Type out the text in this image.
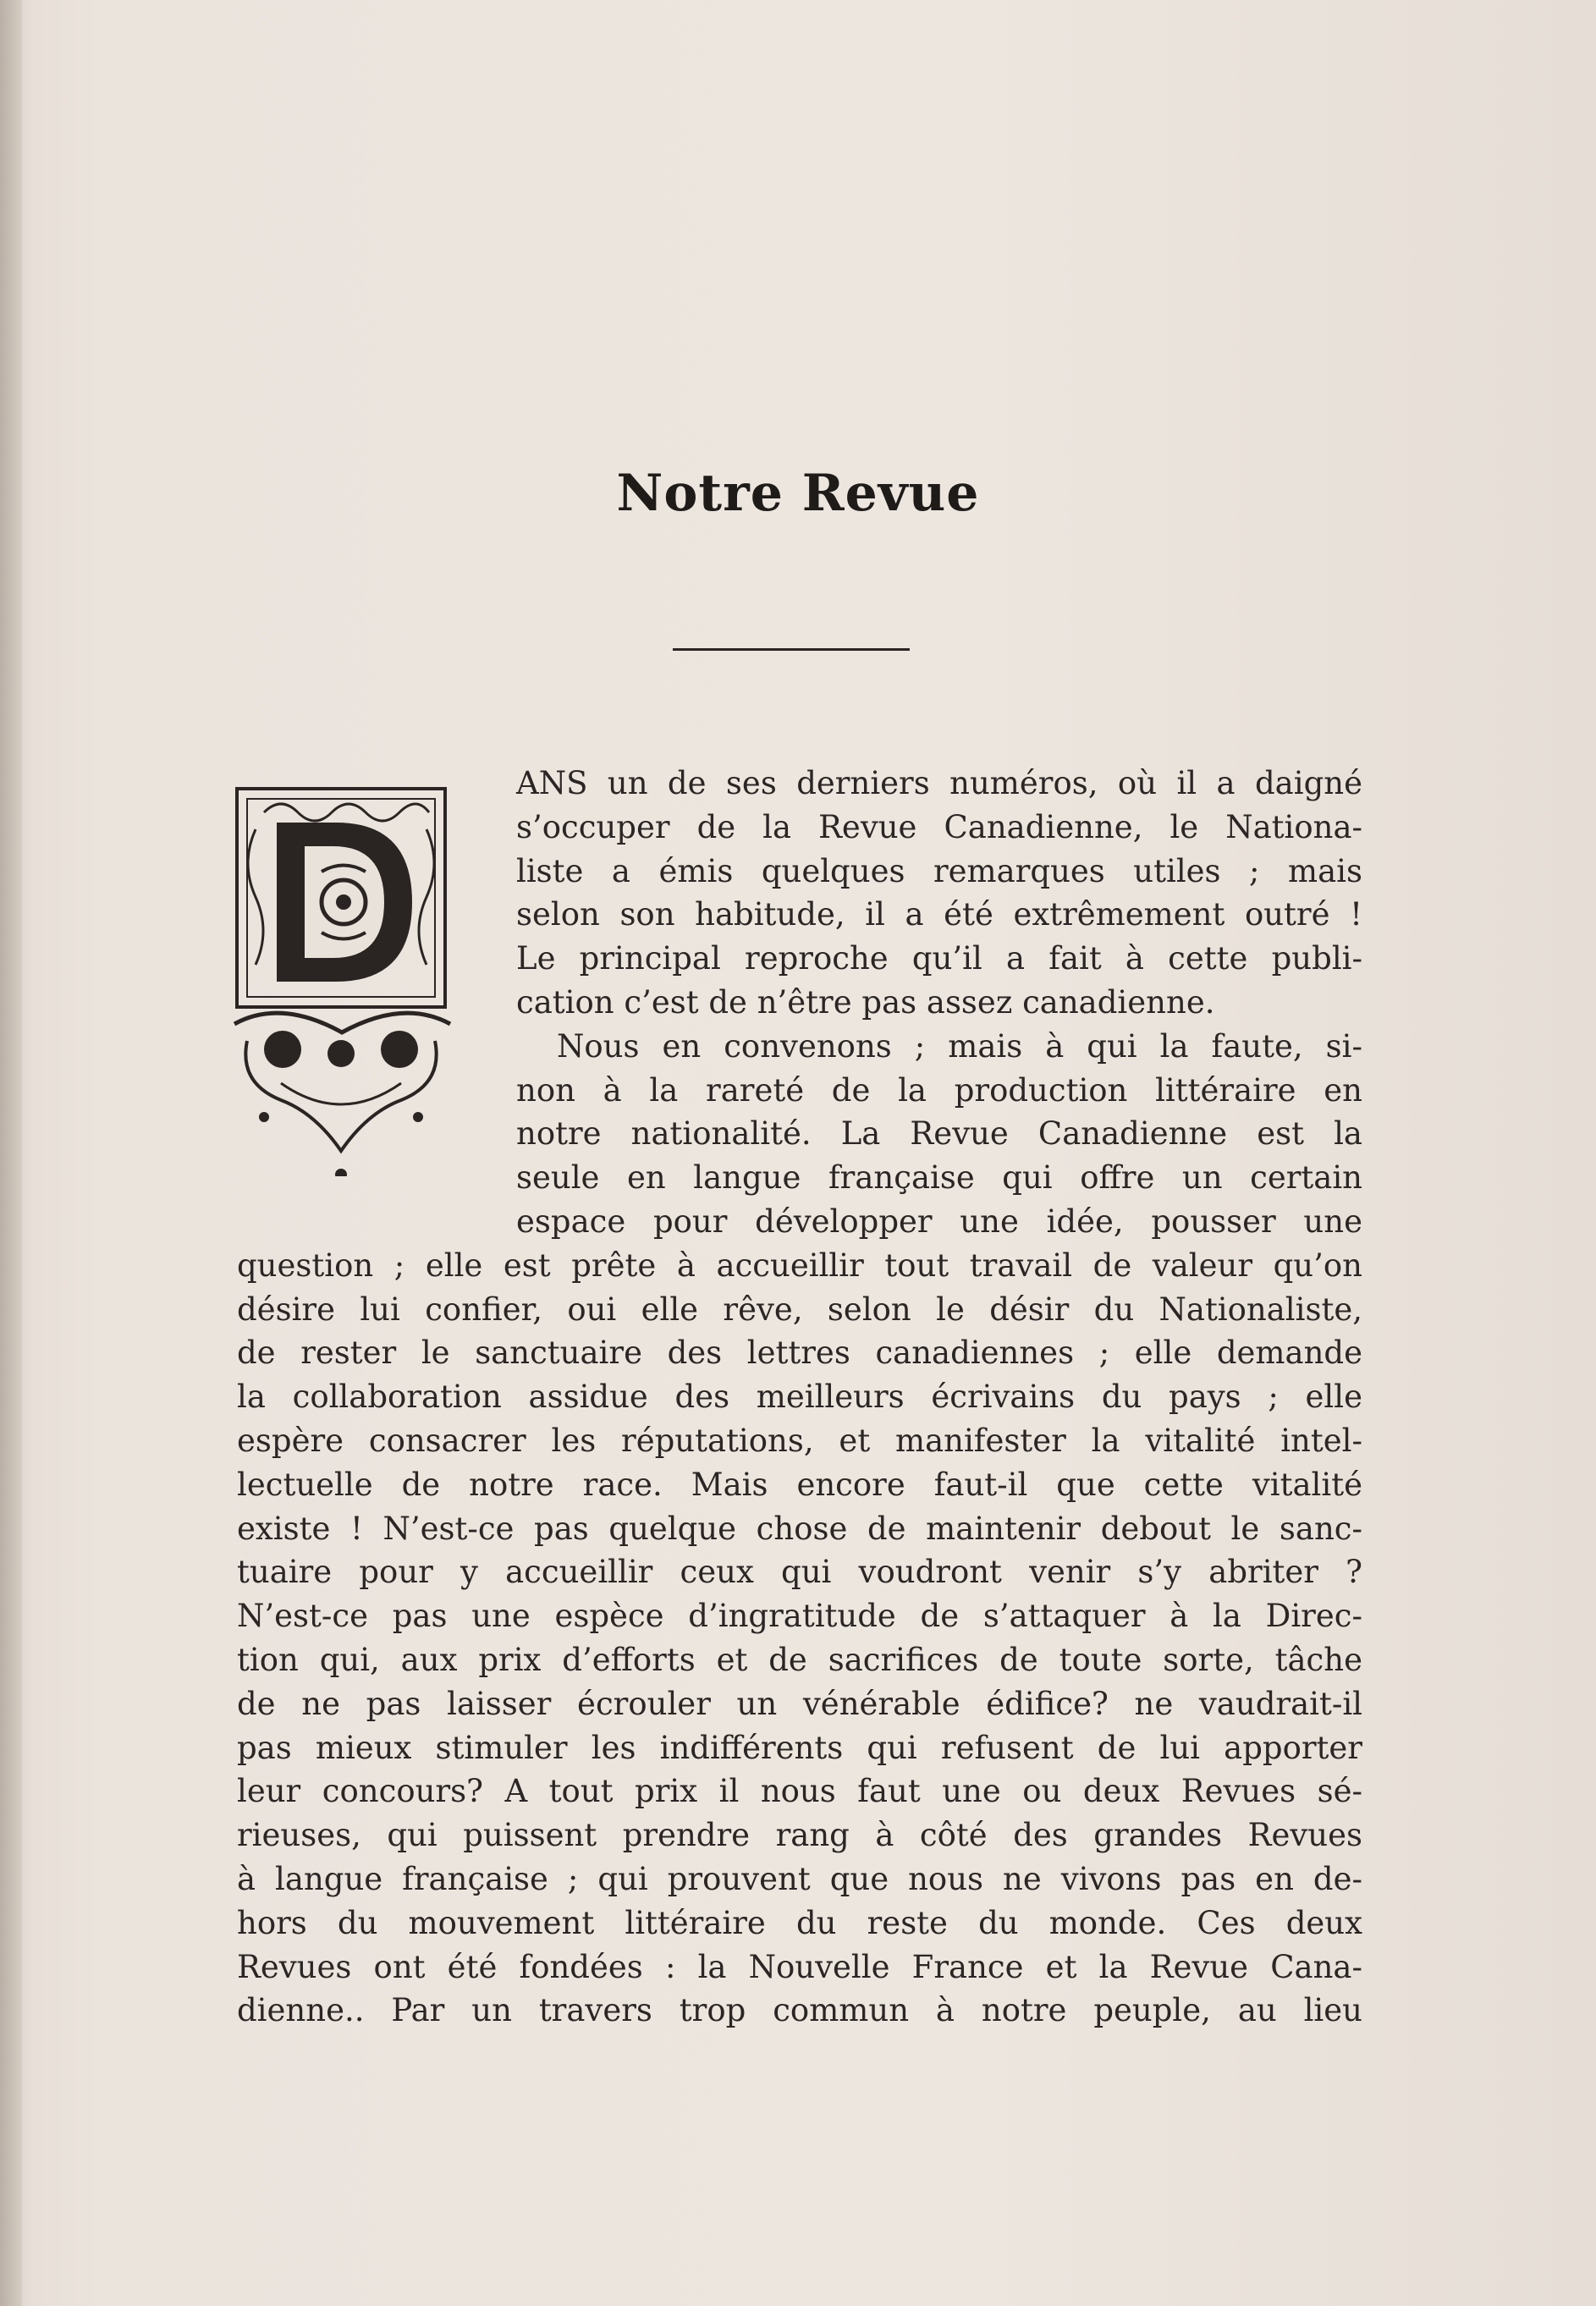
Notre Revue
ANS un de ses derniers numéros, où il a daigné
s’occuper de la Revue Canadienne, le Nationa-
liste a émis quelques remarques utiles ; mais
selon son habitude, il a été extrêmement outré !
Le principal reproche qu’il a fait à cette publi-
cation c’est de n’être pas assez canadienne.
Nous en convenons ; mais à qui la faute, si-
non à la rareté de la production littéraire en
notre nationalité. La Revue Canadienne est la
seule en langue française qui offre un certain
espace pour développer une idée, pousser une
question ; elle est prête à accueillir tout travail de valeur qu’on
désire lui confier, oui elle rêve, selon le désir du Nationaliste,
de rester le sanctuaire des lettres canadiennes ; elle demande
la collaboration assidue des meilleurs écrivains du pays ; elle
espère consacrer les réputations, et manifester la vitalité intel-
lectuelle de notre race. Mais encore faut-il que cette vitalité
existe ! N’est-ce pas quelque chose de maintenir debout le sanc-
tuaire pour y accueillir ceux qui voudront venir s’y abriter ?
N’est-ce pas une espèce d’ingratitude de s’attaquer à la Direc-
tion qui, aux prix d’efforts et de sacrifices de toute sorte, tâche
de ne pas laisser écrouler un vénérable édifice? ne vaudrait-il
pas mieux stimuler les indifférents qui refusent de lui apporter
leur concours? A tout prix il nous faut une ou deux Revues sé-
rieuses, qui puissent prendre rang à côté des grandes Revues
à langue française ; qui prouvent que nous ne vivons pas en de-
hors du mouvement littéraire du reste du monde. Ces deux
Revues ont été fondées : la Nouvelle France et la Revue Cana-
dienne.. Par un travers trop commun à notre peuple, au lieu
